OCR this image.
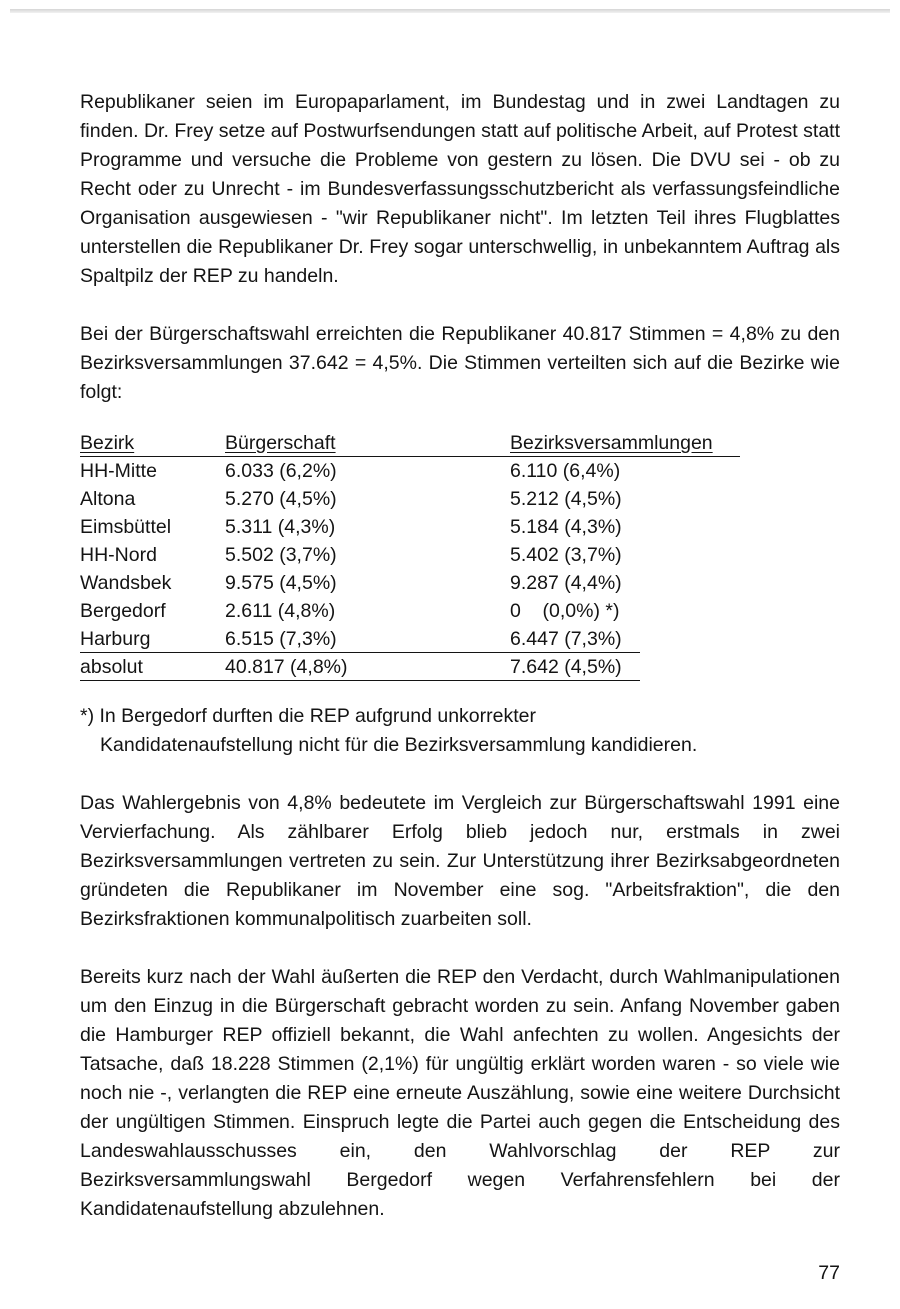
Republikaner seien im Europaparlament, im Bundestag und in zwei Landtagen zu finden. Dr. Frey setze auf Postwurfsendungen statt auf politische Arbeit, auf Protest statt Programme und versuche die Probleme von gestern zu lösen. Die DVU sei - ob zu Recht oder zu Unrecht - im Bundesverfassungsschutzbericht als verfassungsfeindliche Organisation ausgewiesen - "wir Republikaner nicht". Im letzten Teil ihres Flugblattes unterstellen die Republikaner Dr. Frey sogar unterschwellig, in unbekanntem Auftrag als Spaltpilz der REP zu handeln.

Bei der Bürgerschaftswahl erreichten die Republikaner 40.817 Stimmen = 4,8% zu den Bezirksversammlungen 37.642 = 4,5%. Die Stimmen verteilten sich auf die Bezirke wie folgt:

Bezirk	Bürgerschaft	Bezirksversammlungen
HH-Mitte	6.033 (6,2%)	6.110 (6,4%)
Altona	5.270 (4,5%)	5.212 (4,5%)
Eimsbüttel	5.311 (4,3%)	5.184 (4,3%)
HH-Nord	5.502 (3,7%)	5.402 (3,7%)
Wandsbek	9.575 (4,5%)	9.287 (4,4%)
Bergedorf	2.611 (4,8%)	0    (0,0%) *)
Harburg	6.515 (7,3%)	6.447 (7,3%)
absolut	40.817 (4,8%)	7.642 (4,5%)
*) In Bergedorf durften die REP aufgrund unkorrekter
Kandidatenaufstellung nicht für die Bezirksversammlung kandidieren.

Das Wahlergebnis von 4,8% bedeutete im Vergleich zur Bürgerschaftswahl 1991 eine Vervierfachung. Als zählbarer Erfolg blieb jedoch nur, erstmals in zwei Bezirksversammlungen vertreten zu sein. Zur Unterstützung ihrer Bezirksabgeordneten gründeten die Republikaner im November eine sog. "Arbeitsfraktion", die den Bezirksfraktionen kommunalpolitisch zuarbeiten soll.

Bereits kurz nach der Wahl äußerten die REP den Verdacht, durch Wahlmanipulationen um den Einzug in die Bürgerschaft gebracht worden zu sein. Anfang November gaben die Hamburger REP offiziell bekannt, die Wahl anfechten zu wollen. Angesichts der Tatsache, daß 18.228 Stimmen (2,1%) für ungültig erklärt worden waren - so viele wie noch nie -, verlangten die REP eine erneute Auszählung, sowie eine weitere Durchsicht der ungültigen Stimmen. Einspruch legte die Partei auch gegen die Entscheidung des Landeswahlausschusses ein, den Wahlvorschlag der REP zur Bezirksversammlungswahl Bergedorf wegen Verfahrensfehlern bei der Kandidatenaufstellung abzulehnen.

77
